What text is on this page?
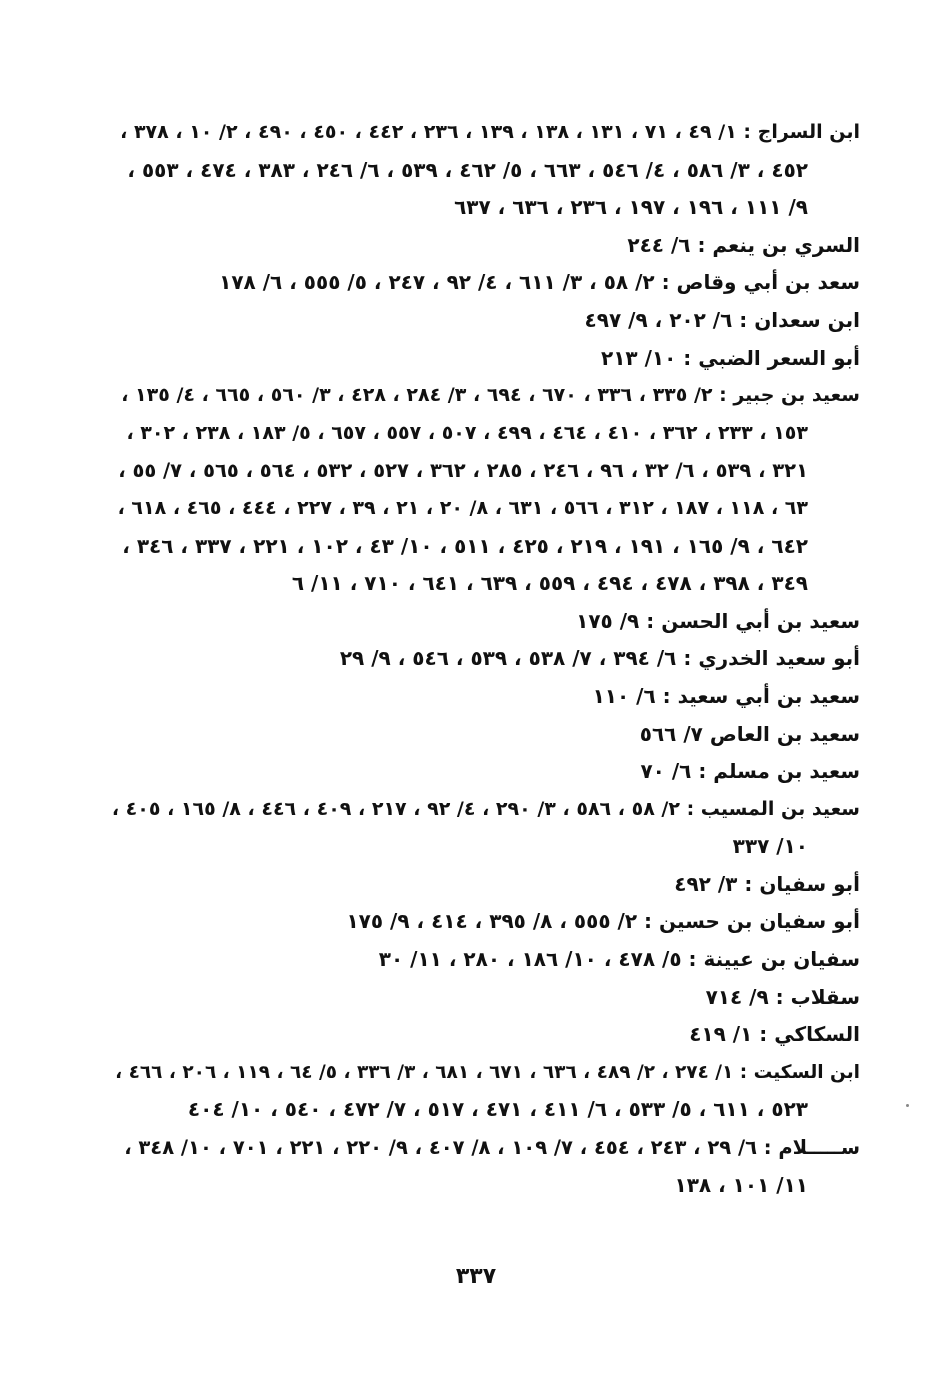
ابن السراج : ١/ ٤٩ ، ٧١ ، ١٣١ ، ١٣٨ ، ١٣٩ ، ٢٣٦ ، ٤٤٢ ، ٤٥٠ ، ٤٩٠ ، ٢/ ١٠ ، ٣٧٨ ،
٤٥٢ ، ٣/ ٥٨٦ ، ٤/ ٥٤٦ ، ٦٦٣ ، ٥/ ٤٦٢ ، ٥٣٩ ، ٦/ ٢٤٦ ، ٣٨٣ ، ٤٧٤ ، ٥٥٣ ،
٩/ ١١١ ، ١٩٦ ، ١٩٧ ، ٢٣٦ ، ٦٣٦ ، ٦٣٧
السري بن ينعم : ٦/ ٢٤٤
سعد بن أبي وقاص : ٢/ ٥٨ ، ٣/ ٦١١ ، ٤/ ٩٢ ، ٢٤٧ ، ٥/ ٥٥٥ ، ٦/ ١٧٨
ابن سعدان : ٦/ ٢٠٢ ، ٩/ ٤٩٧
أبو السعر الضبي : ١٠/ ٢١٣
سعيد بن جبير : ٢/ ٣٣٥ ، ٣٣٦ ، ٦٧٠ ، ٦٩٤ ، ٣/ ٢٨٤ ، ٤٢٨ ، ٣/ ٥٦٠ ، ٦٦٥ ، ٤/ ١٣٥ ،
١٥٣ ، ٢٣٣ ، ٣٦٢ ، ٤١٠ ، ٤٦٤ ، ٤٩٩ ، ٥٠٧ ، ٥٥٧ ، ٦٥٧ ، ٥/ ١٨٣ ، ٢٣٨ ، ٣٠٢ ،
٣٢١ ، ٥٣٩ ، ٦/ ٣٢ ، ٩٦ ، ٢٤٦ ، ٢٨٥ ، ٣٦٢ ، ٥٢٧ ، ٥٣٢ ، ٥٦٤ ، ٥٦٥ ، ٧/ ٥٥ ،
٦٣ ، ١١٨ ، ١٨٧ ، ٣١٢ ، ٥٦٦ ، ٦٣١ ، ٨/ ٢٠ ، ٢١ ، ٣٩ ، ٢٢٧ ، ٤٤٤ ، ٤٦٥ ، ٦١٨ ،
٦٤٢ ، ٩/ ١٦٥ ، ١٩١ ، ٢١٩ ، ٤٢٥ ، ٥١١ ، ١٠/ ٤٣ ، ١٠٢ ، ٢٢١ ، ٣٣٧ ، ٣٤٦ ،
٣٤٩ ، ٣٩٨ ، ٤٧٨ ، ٤٩٤ ، ٥٥٩ ، ٦٣٩ ، ٦٤١ ، ٧١٠ ، ١١/ ٦
سعيد بن أبي الحسن : ٩/ ١٧٥
أبو سعيد الخدري : ٦/ ٣٩٤ ، ٧/ ٥٣٨ ، ٥٣٩ ، ٥٤٦ ، ٩/ ٢٩
سعيد بن أبي سعيد : ٦/ ١١٠
سعيد بن العاص ٧/ ٥٦٦
سعيد بن مسلم : ٦/ ٧٠
سعيد بن المسيب : ٢/ ٥٨ ، ٥٨٦ ، ٣/ ٢٩٠ ، ٤/ ٩٢ ، ٢١٧ ، ٤٠٩ ، ٤٤٦ ، ٨/ ١٦٥ ، ٤٠٥ ،
١٠/ ٣٣٧
أبو سفيان : ٣/ ٤٩٢
أبو سفيان بن حسين : ٢/ ٥٥٥ ، ٨/ ٣٩٥ ، ٤١٤ ، ٩/ ١٧٥
سفيان بن عيينة : ٥/ ٤٧٨ ، ١٠/ ١٨٦ ، ٢٨٠ ، ١١/ ٣٠
سقلاب : ٩/ ٧١٤
السكاكي : ١/ ٤١٩
ابن السكيت : ١/ ٢٧٤ ، ٢/ ٤٨٩ ، ٦٣٦ ، ٦٧١ ، ٦٨١ ، ٣/ ٣٣٦ ، ٥/ ٦٤ ، ١١٩ ، ٢٠٦ ، ٤٦٦ ،
٥٢٣ ، ٦١١ ، ٥/ ٥٣٣ ، ٦/ ٤١١ ، ٤٧١ ، ٥١٧ ، ٧/ ٤٧٢ ، ٥٤٠ ، ١٠/ ٤٠٤
ســـــلام : ٦/ ٢٩ ، ٢٤٣ ، ٤٥٤ ، ٧/ ١٠٩ ، ٨/ ٤٠٧ ، ٩/ ٢٢٠ ، ٢٢١ ، ٧٠١ ، ١٠/ ٣٤٨ ،
١١/ ١٠١ ، ١٣٨
٣٣٧
